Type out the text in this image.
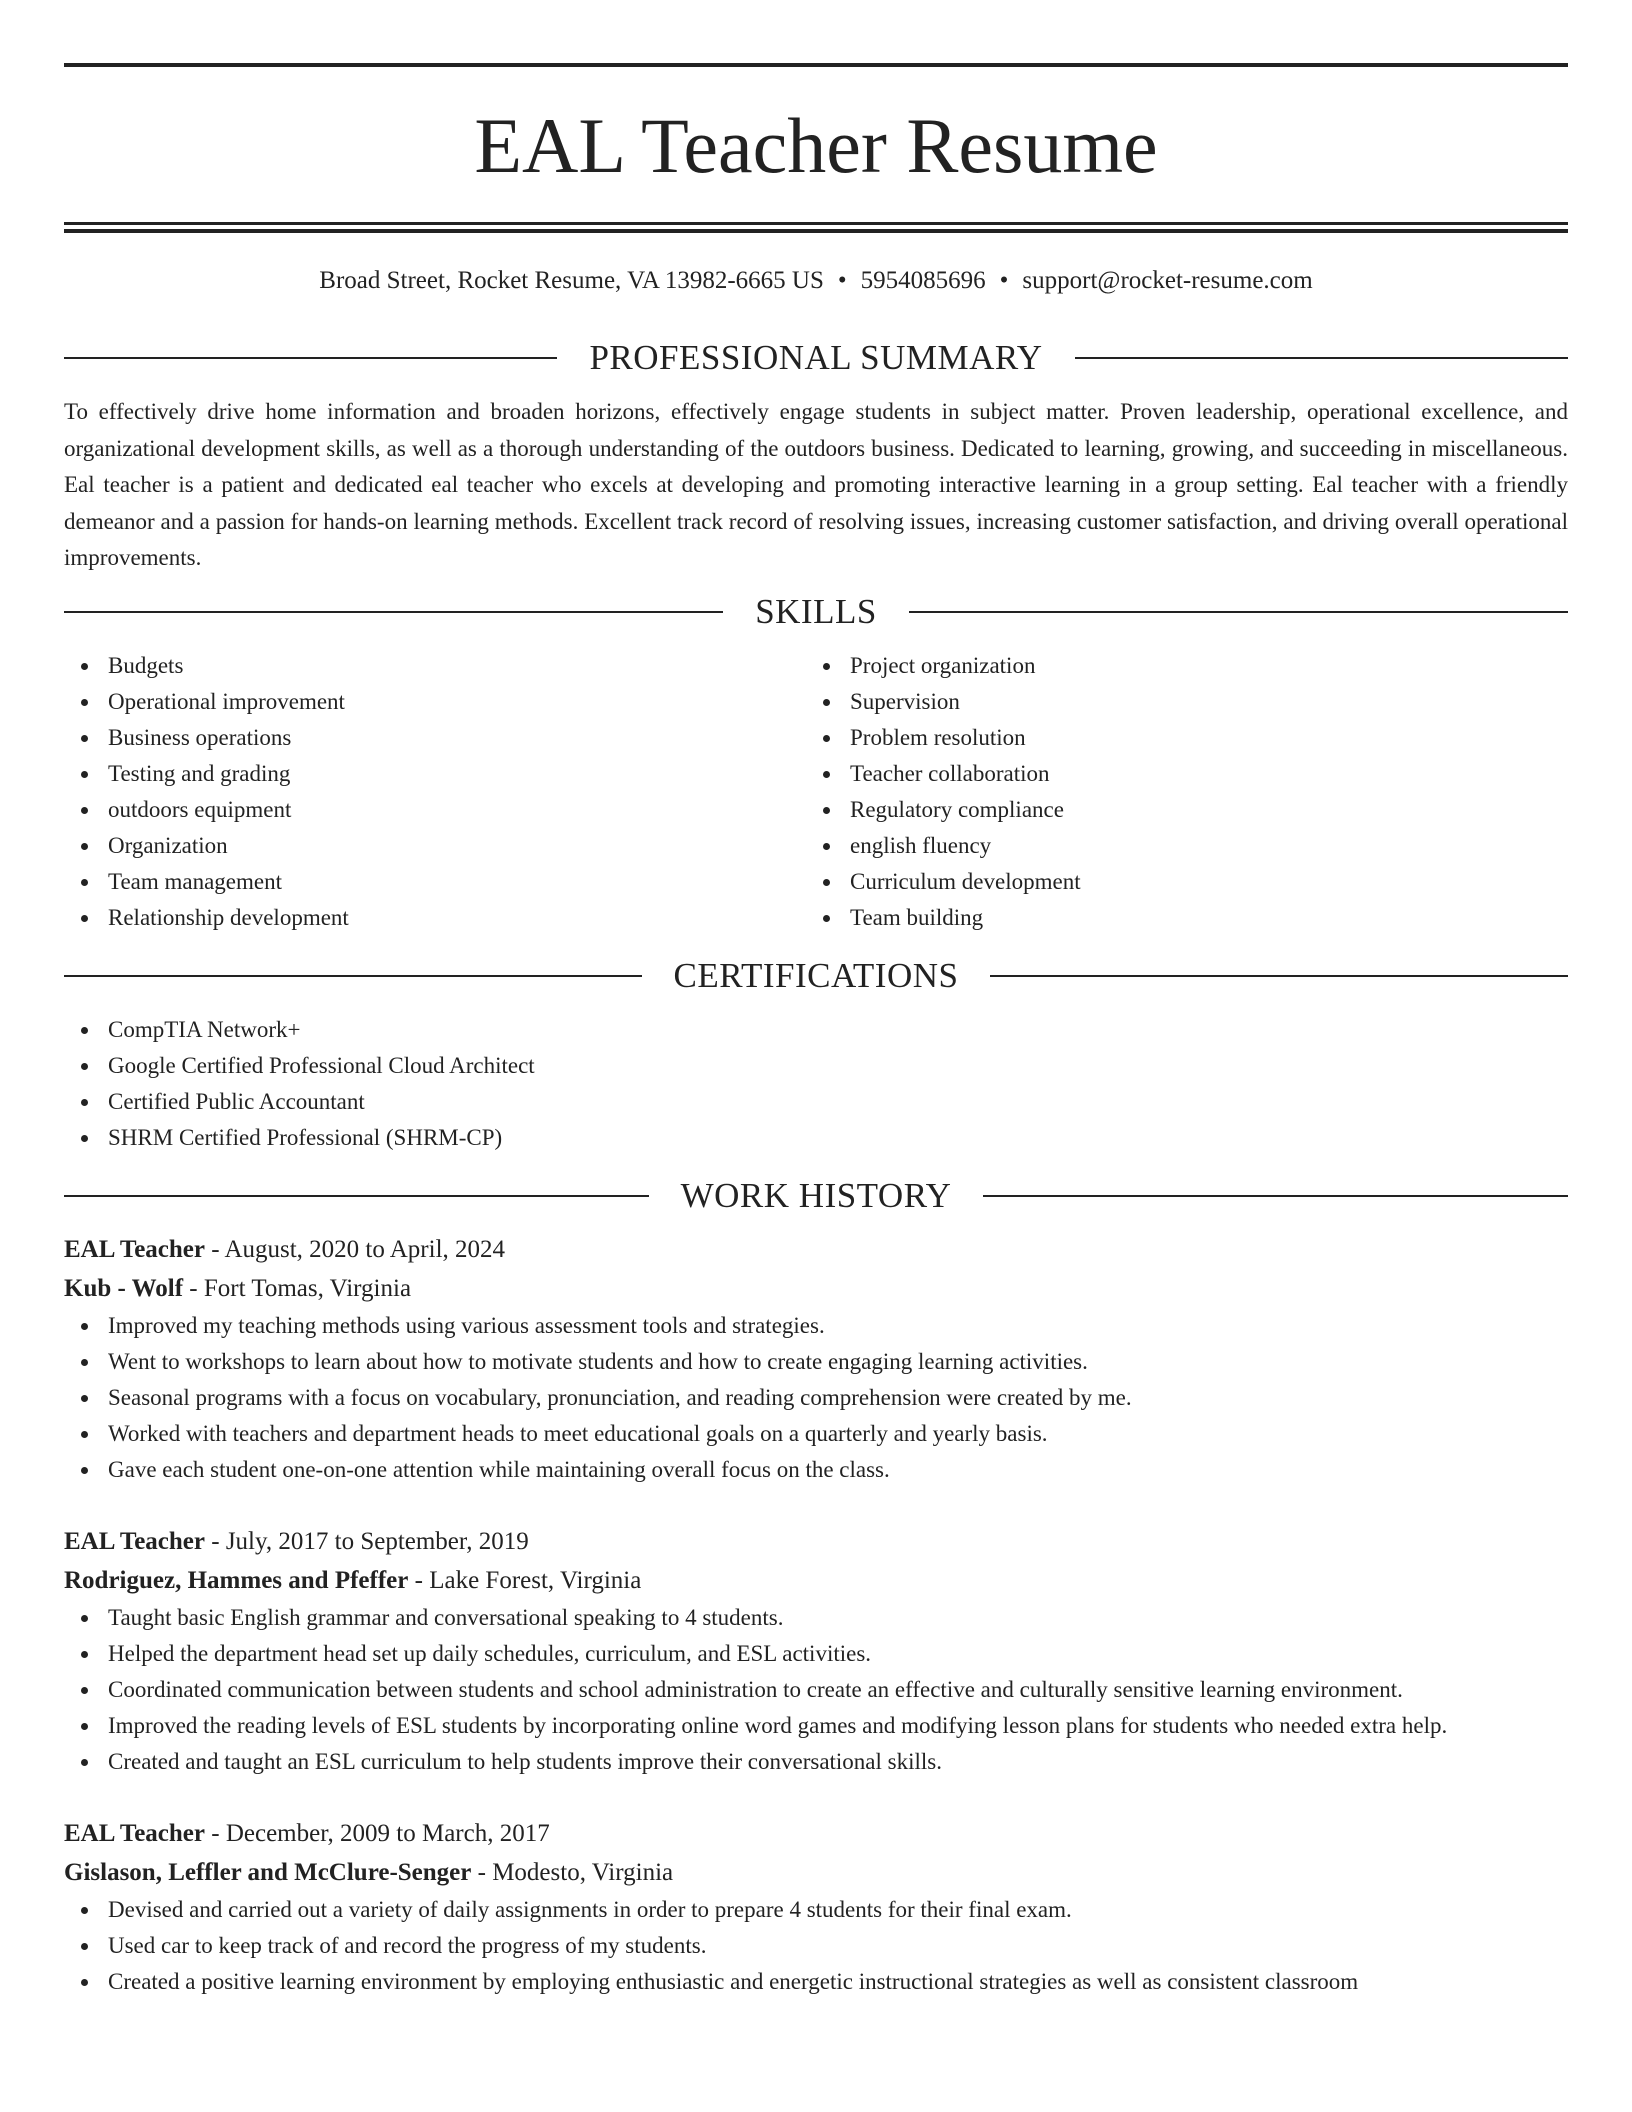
EAL Teacher Resume
Broad Street, Rocket Resume, VA 13982-6665 US • 5954085696 • support@rocket-resume.com
PROFESSIONAL SUMMARY
To effectively drive home information and broaden horizons, effectively engage students in subject matter. Proven leadership, operational excellence, and organizational development skills, as well as a thorough understanding of the outdoors business. Dedicated to learning, growing, and succeeding in miscellaneous. Eal teacher is a patient and dedicated eal teacher who excels at developing and promoting interactive learning in a group setting. Eal teacher with a friendly demeanor and a passion for hands-on learning methods. Excellent track record of resolving issues, increasing customer satisfaction, and driving overall operational improvements.
SKILLS
Budgets
Operational improvement
Business operations
Testing and grading
outdoors equipment
Organization
Team management
Relationship development
Project organization
Supervision
Problem resolution
Teacher collaboration
Regulatory compliance
english fluency
Curriculum development
Team building
CERTIFICATIONS
CompTIA Network+
Google Certified Professional Cloud Architect
Certified Public Accountant
SHRM Certified Professional (SHRM-CP)
WORK HISTORY
EAL Teacher - August, 2020 to April, 2024
Kub - Wolf - Fort Tomas, Virginia
Improved my teaching methods using various assessment tools and strategies.
Went to workshops to learn about how to motivate students and how to create engaging learning activities.
Seasonal programs with a focus on vocabulary, pronunciation, and reading comprehension were created by me.
Worked with teachers and department heads to meet educational goals on a quarterly and yearly basis.
Gave each student one-on-one attention while maintaining overall focus on the class.
EAL Teacher - July, 2017 to September, 2019
Rodriguez, Hammes and Pfeffer - Lake Forest, Virginia
Taught basic English grammar and conversational speaking to 4 students.
Helped the department head set up daily schedules, curriculum, and ESL activities.
Coordinated communication between students and school administration to create an effective and culturally sensitive learning environment.
Improved the reading levels of ESL students by incorporating online word games and modifying lesson plans for students who needed extra help.
Created and taught an ESL curriculum to help students improve their conversational skills.
EAL Teacher - December, 2009 to March, 2017
Gislason, Leffler and McClure-Senger - Modesto, Virginia
Devised and carried out a variety of daily assignments in order to prepare 4 students for their final exam.
Used car to keep track of and record the progress of my students.
Created a positive learning environment by employing enthusiastic and energetic instructional strategies as well as consistent classroom
